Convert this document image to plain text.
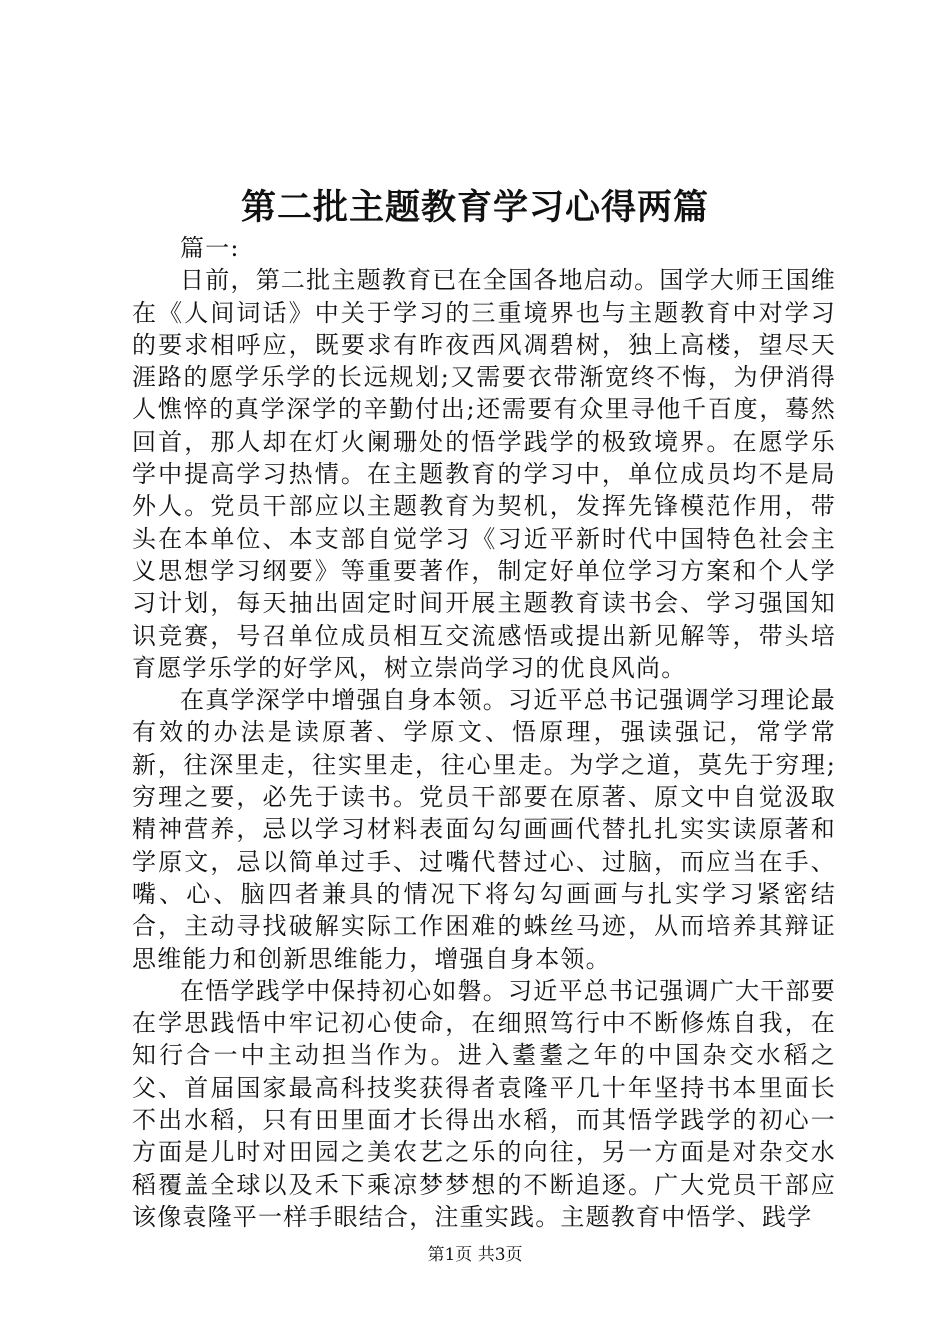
第二批主题教育学习心得两篇

篇一:

日前，第二批主题教育已在全国各地启动。国学大师王国维在《人间词话》中关于学习的三重境界也与主题教育中对学习的要求相呼应，既要求有昨夜西风凋碧树，独上高楼，望尽天涯路的愿学乐学的长远规划;又需要衣带渐宽终不悔，为伊消得人憔悴的真学深学的辛勤付出;还需要有众里寻他千百度，蓦然回首，那人却在灯火阑珊处的悟学践学的极致境界。在愿学乐学中提高学习热情。在主题教育的学习中，单位成员均不是局外人。党员干部应以主题教育为契机，发挥先锋模范作用，带头在本单位、本支部自觉学习《习近平新时代中国特色社会主义思想学习纲要》等重要著作，制定好单位学习方案和个人学习计划，每天抽出固定时间开展主题教育读书会、学习强国知识竞赛，号召单位成员相互交流感悟或提出新见解等，带头培育愿学乐学的好学风，树立崇尚学习的优良风尚。

在真学深学中增强自身本领。习近平总书记强调学习理论最有效的办法是读原著、学原文、悟原理，强读强记，常学常新，往深里走，往实里走，往心里走。为学之道，莫先于穷理;穷理之要，必先于读书。党员干部要在原著、原文中自觉汲取精神营养，忌以学习材料表面勾勾画画代替扎扎实实读原著和学原文，忌以简单过手、过嘴代替过心、过脑，而应当在手、嘴、心、脑四者兼具的情况下将勾勾画画与扎实学习紧密结合，主动寻找破解实际工作困难的蛛丝马迹，从而培养其辩证思维能力和创新思维能力，增强自身本领。

在悟学践学中保持初心如磐。习近平总书记强调广大干部要在学思践悟中牢记初心使命，在细照笃行中不断修炼自我，在知行合一中主动担当作为。进入耋耋之年的中国杂交水稻之父、首届国家最高科技奖获得者袁隆平几十年坚持书本里面长不出水稻，只有田里面才长得出水稻，而其悟学践学的初心一方面是儿时对田园之美农艺之乐的向往，另一方面是对杂交水稻覆盖全球以及禾下乘凉梦梦想的不断追逐。广大党员干部应该像袁隆平一样手眼结合，注重实践。主题教育中悟学、践学

第1页 共3页
